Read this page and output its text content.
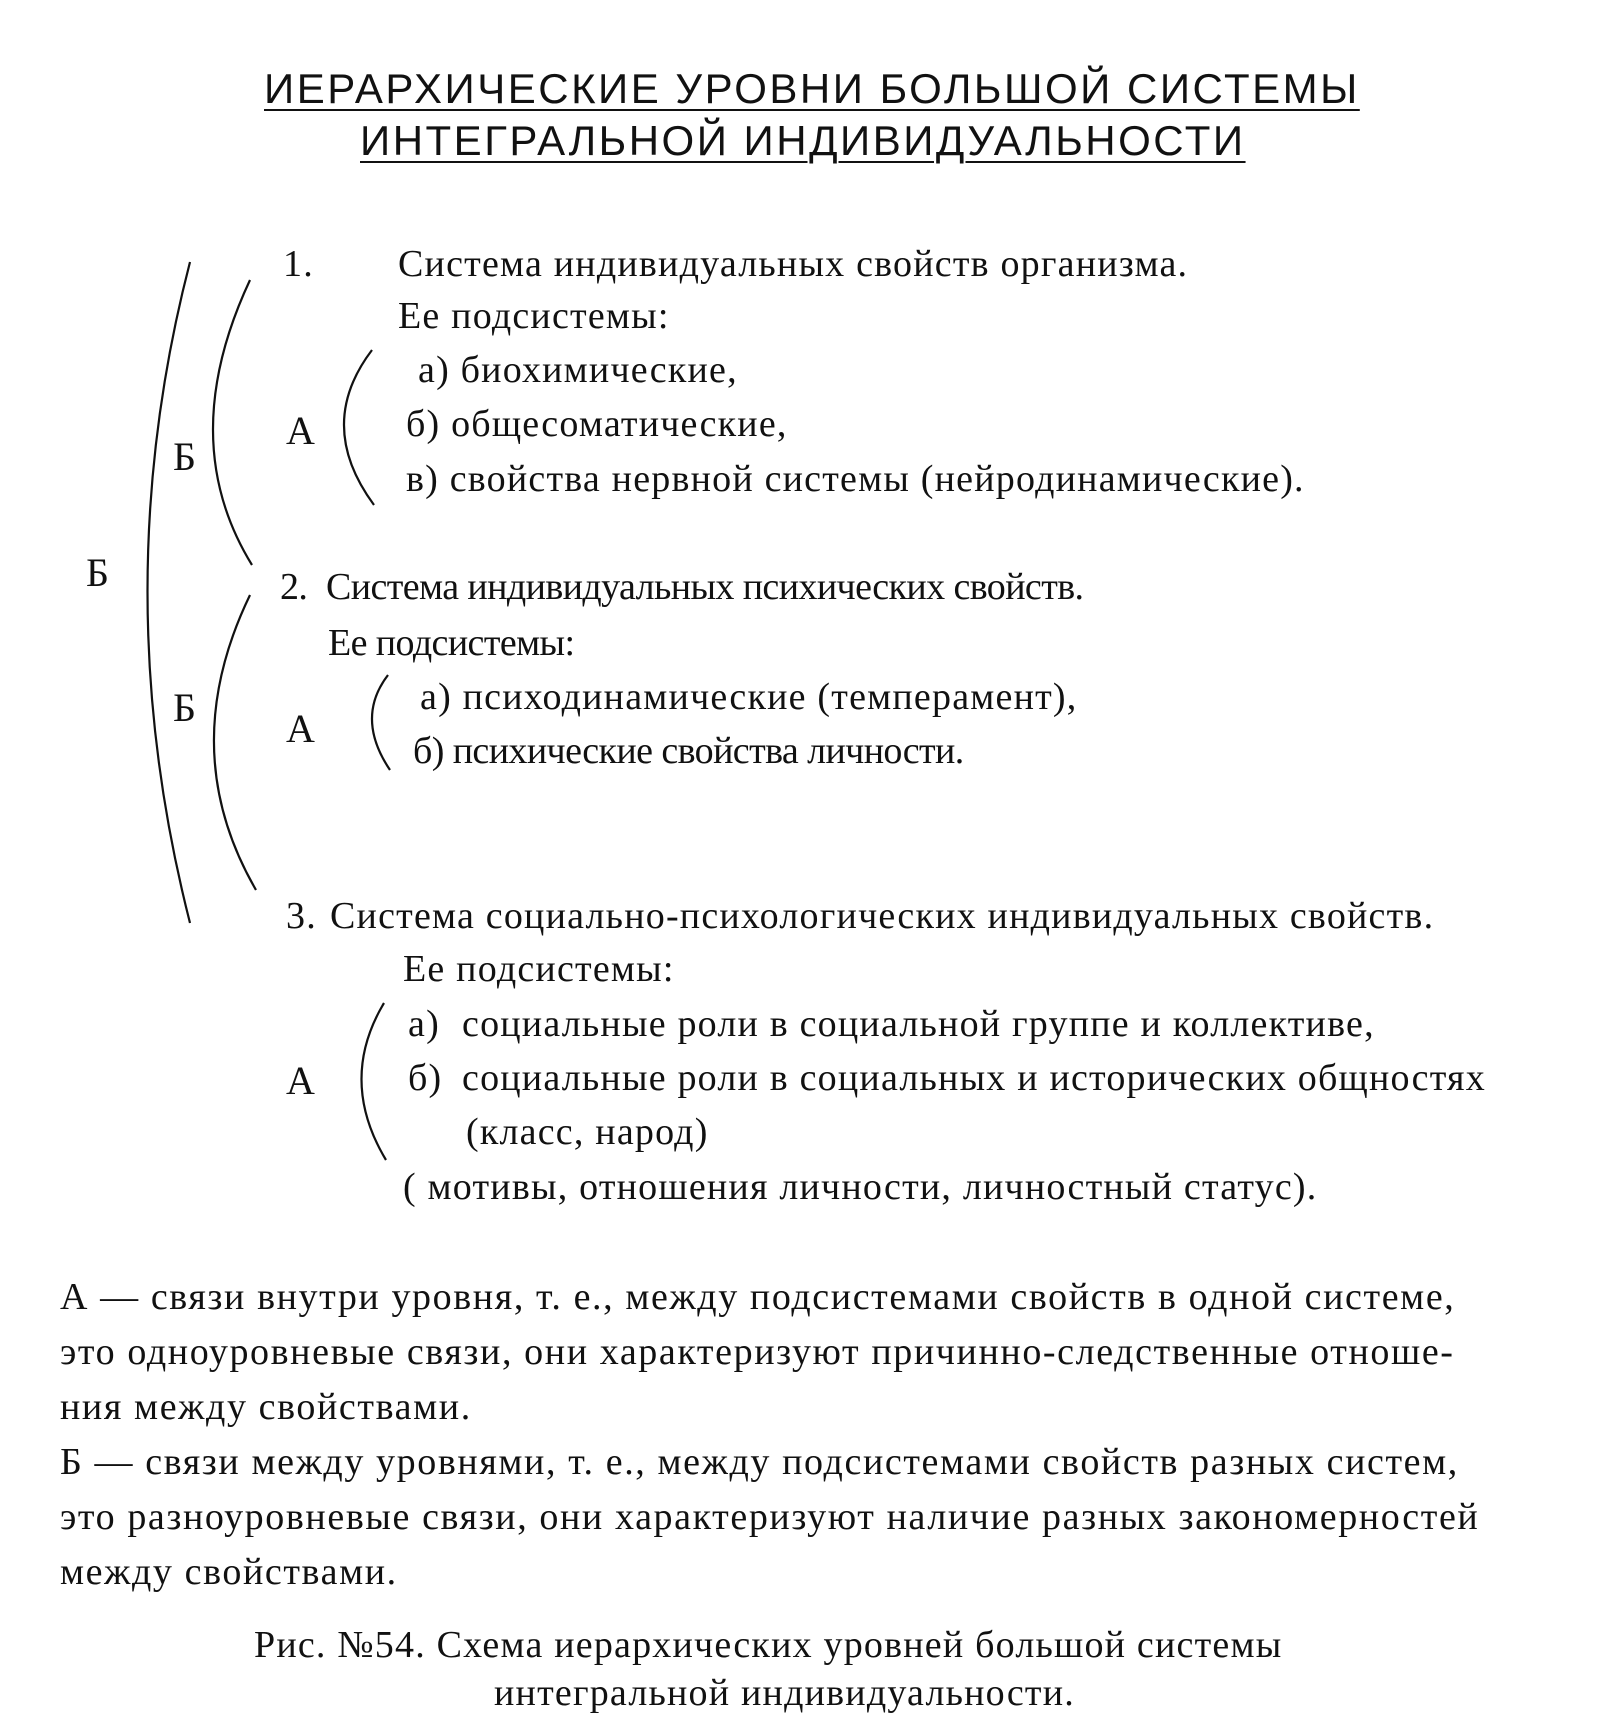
ИЕРАРХИЧЕСКИЕ УРОВНИ БОЛЬШОЙ СИСТЕМЫ
ИНТЕГРАЛЬНОЙ ИНДИВИДУАЛЬНОСТИ
1. Система индивидуальных свойств организма.
Ее подсистемы:
а) биохимические,
б) общесоматические,
в) свойства нервной системы (нейродинамические).
2. Система индивидуальных психических свойств.
Ее подсистемы:
а) психодинамические (темперамент),
б) психические свойства личности.
3. Система социально-психологических индивидуальных свойств.
Ее подсистемы:
а) социальные роли в социальной группе и коллективе,
б) социальные роли в социальных и исторических общностях
(класс, народ)
( мотивы, отношения личности, личностный статус).
Б
Б
Б
А
А
А
А — связи внутри уровня, т. е., между подсистемами свойств в одной системе,
это одноуровневые связи, они характеризуют причинно-следственные отноше-
ния между свойствами.
Б — связи между уровнями, т. е., между подсистемами свойств разных систем,
это разноуровневые связи, они характеризуют наличие разных закономерностей
между свойствами.
Рис. №54. Схема иерархических уровней большой системы
интегральной индивидуальности.
